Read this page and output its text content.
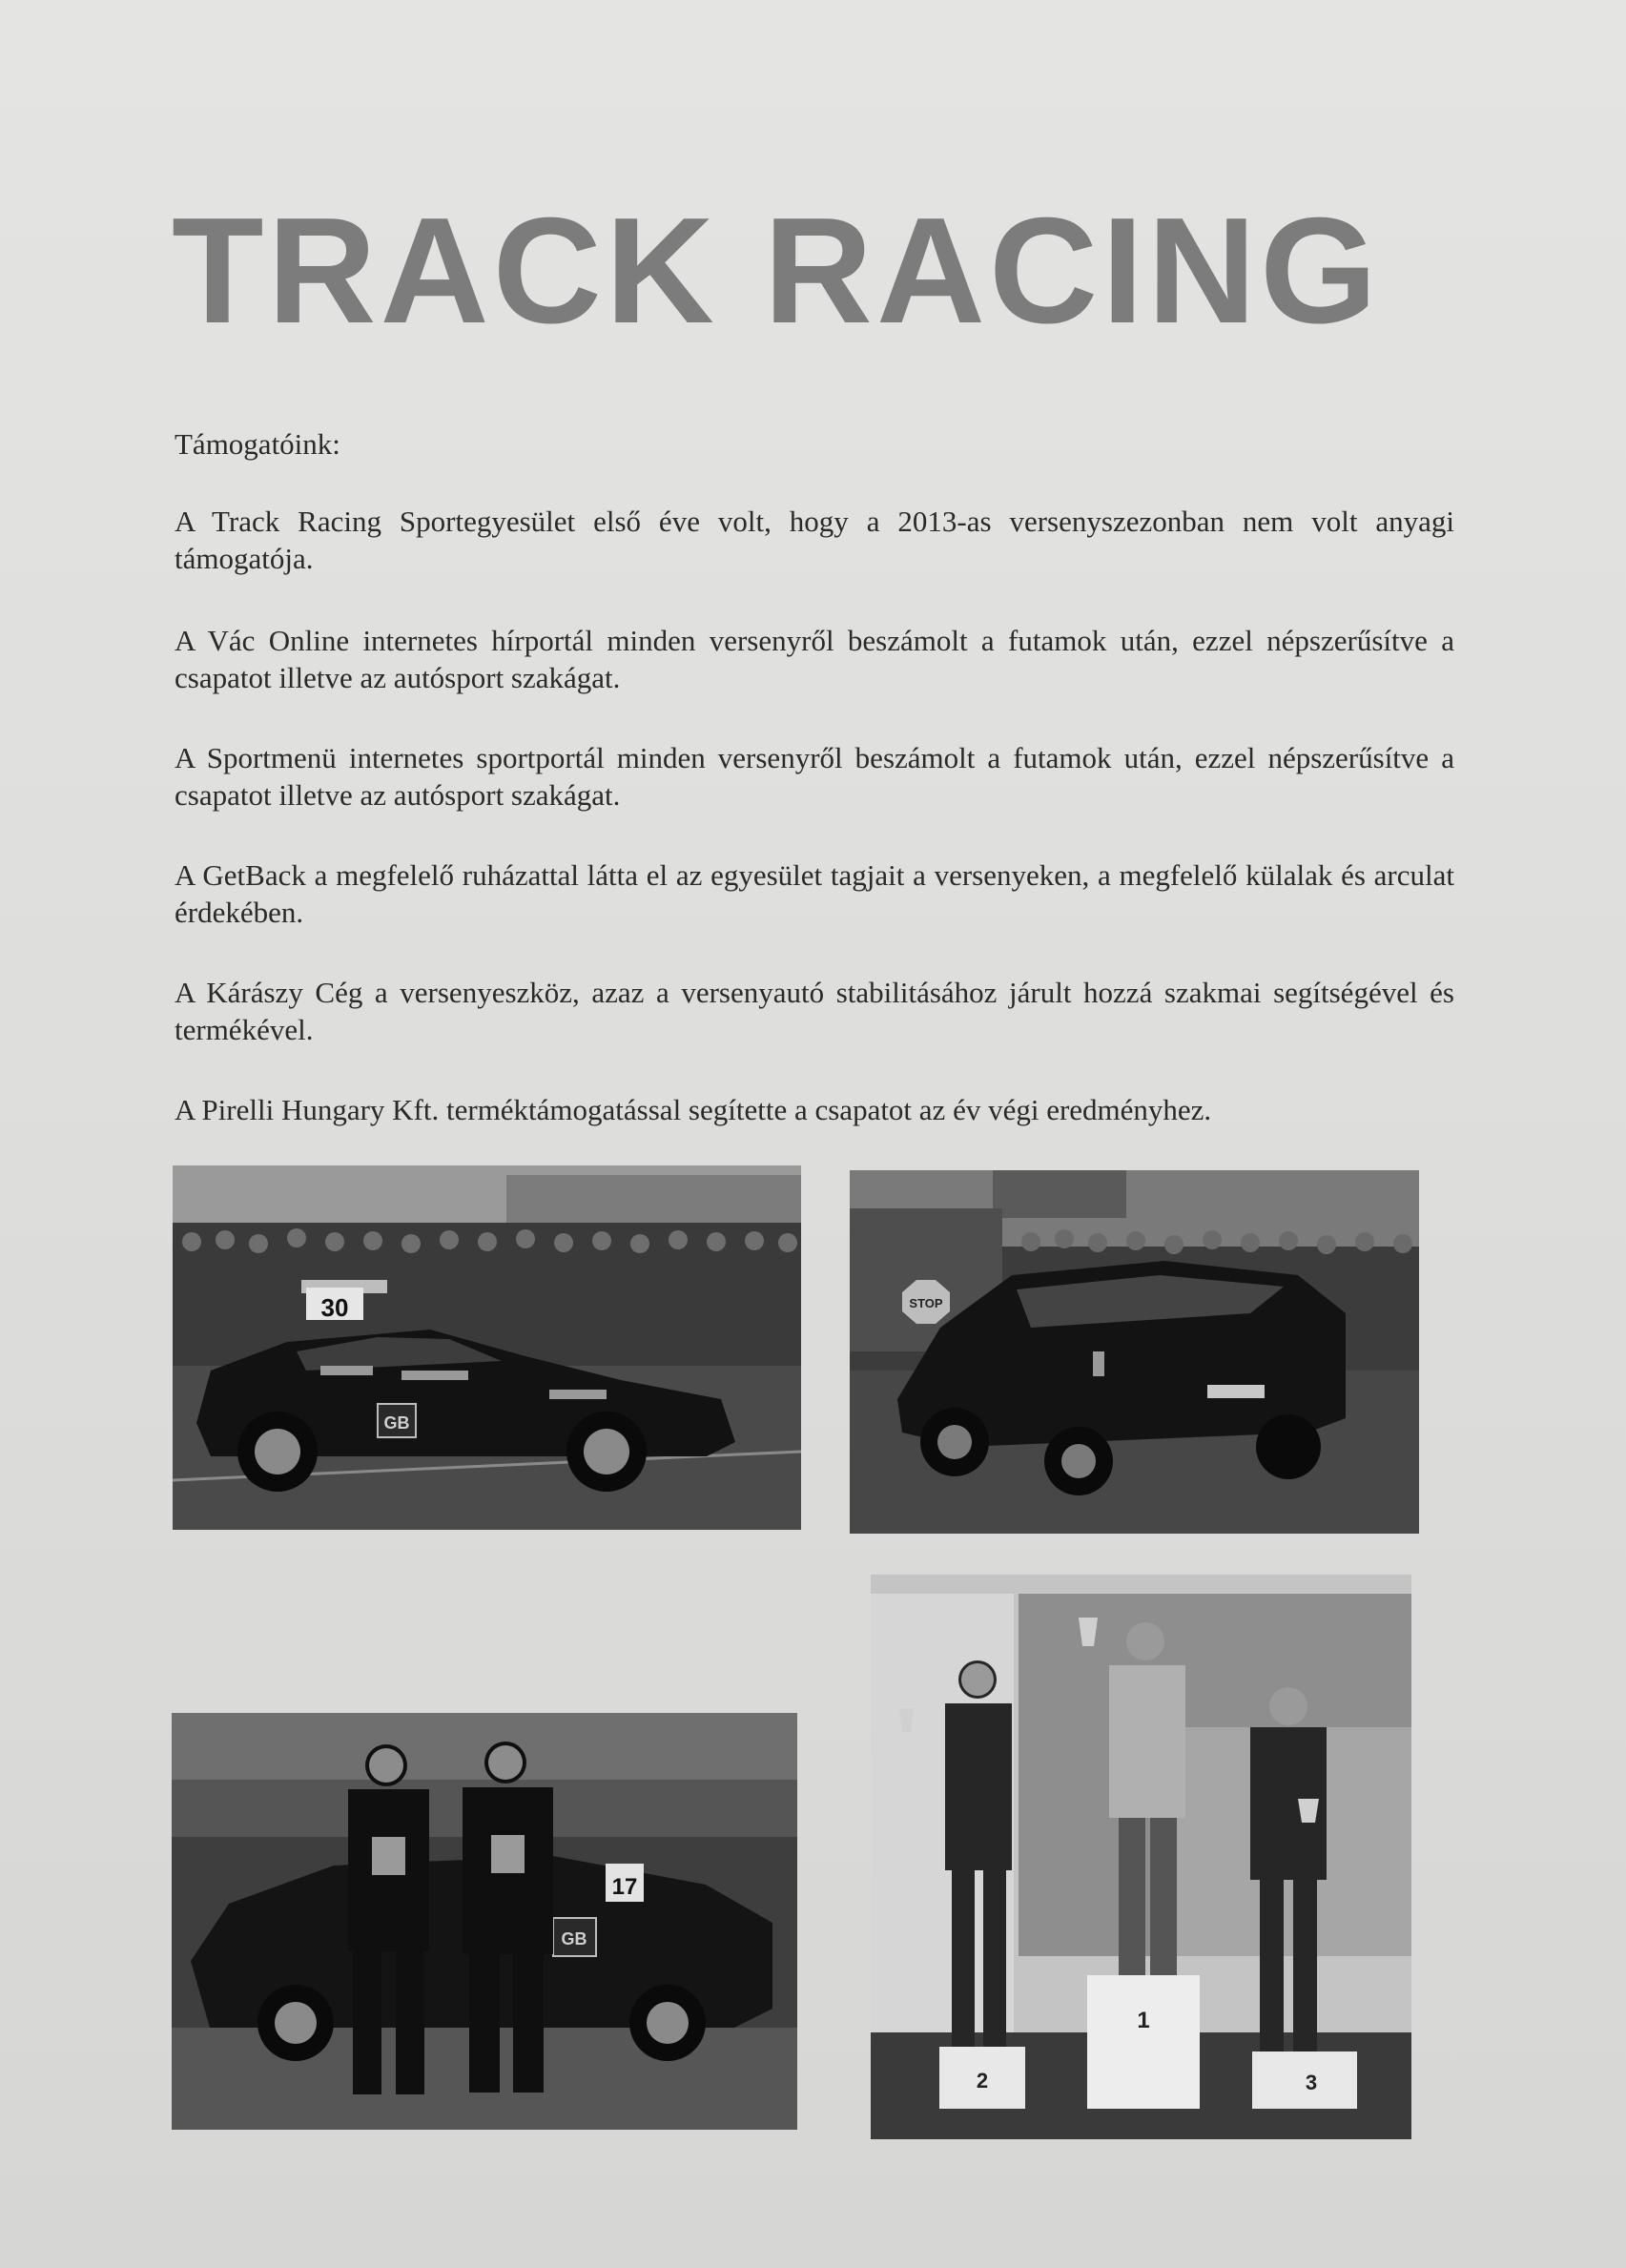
TRACK RACING
Támogatóink:
A Track Racing Sportegyesület első éve volt, hogy a 2013-as versenyszezonban nem volt anyagi támogatója.
A Vác Online internetes hírportál minden versenyről beszámolt a futamok után, ezzel népszerűsítve a csapatot illetve az autósport szakágat.
A Sportmenü internetes sportportál minden versenyről beszámolt a futamok után, ezzel népszerűsítve a csapatot illetve az autósport szakágat.
A GetBack a megfelelő ruházattal látta el az egyesület tagjait a versenyeken, a megfelelő külalak és arculat érdekében.
A Kárászy Cég a versenyeszköz, azaz a versenyautó stabilitásához járult hozzá szakmai segítségével és termékével.
A Pirelli Hungary Kft. terméktámogatással segítette a csapatot az év végi eredményhez.
30
GB
STOP
17
GB
2
1
3
